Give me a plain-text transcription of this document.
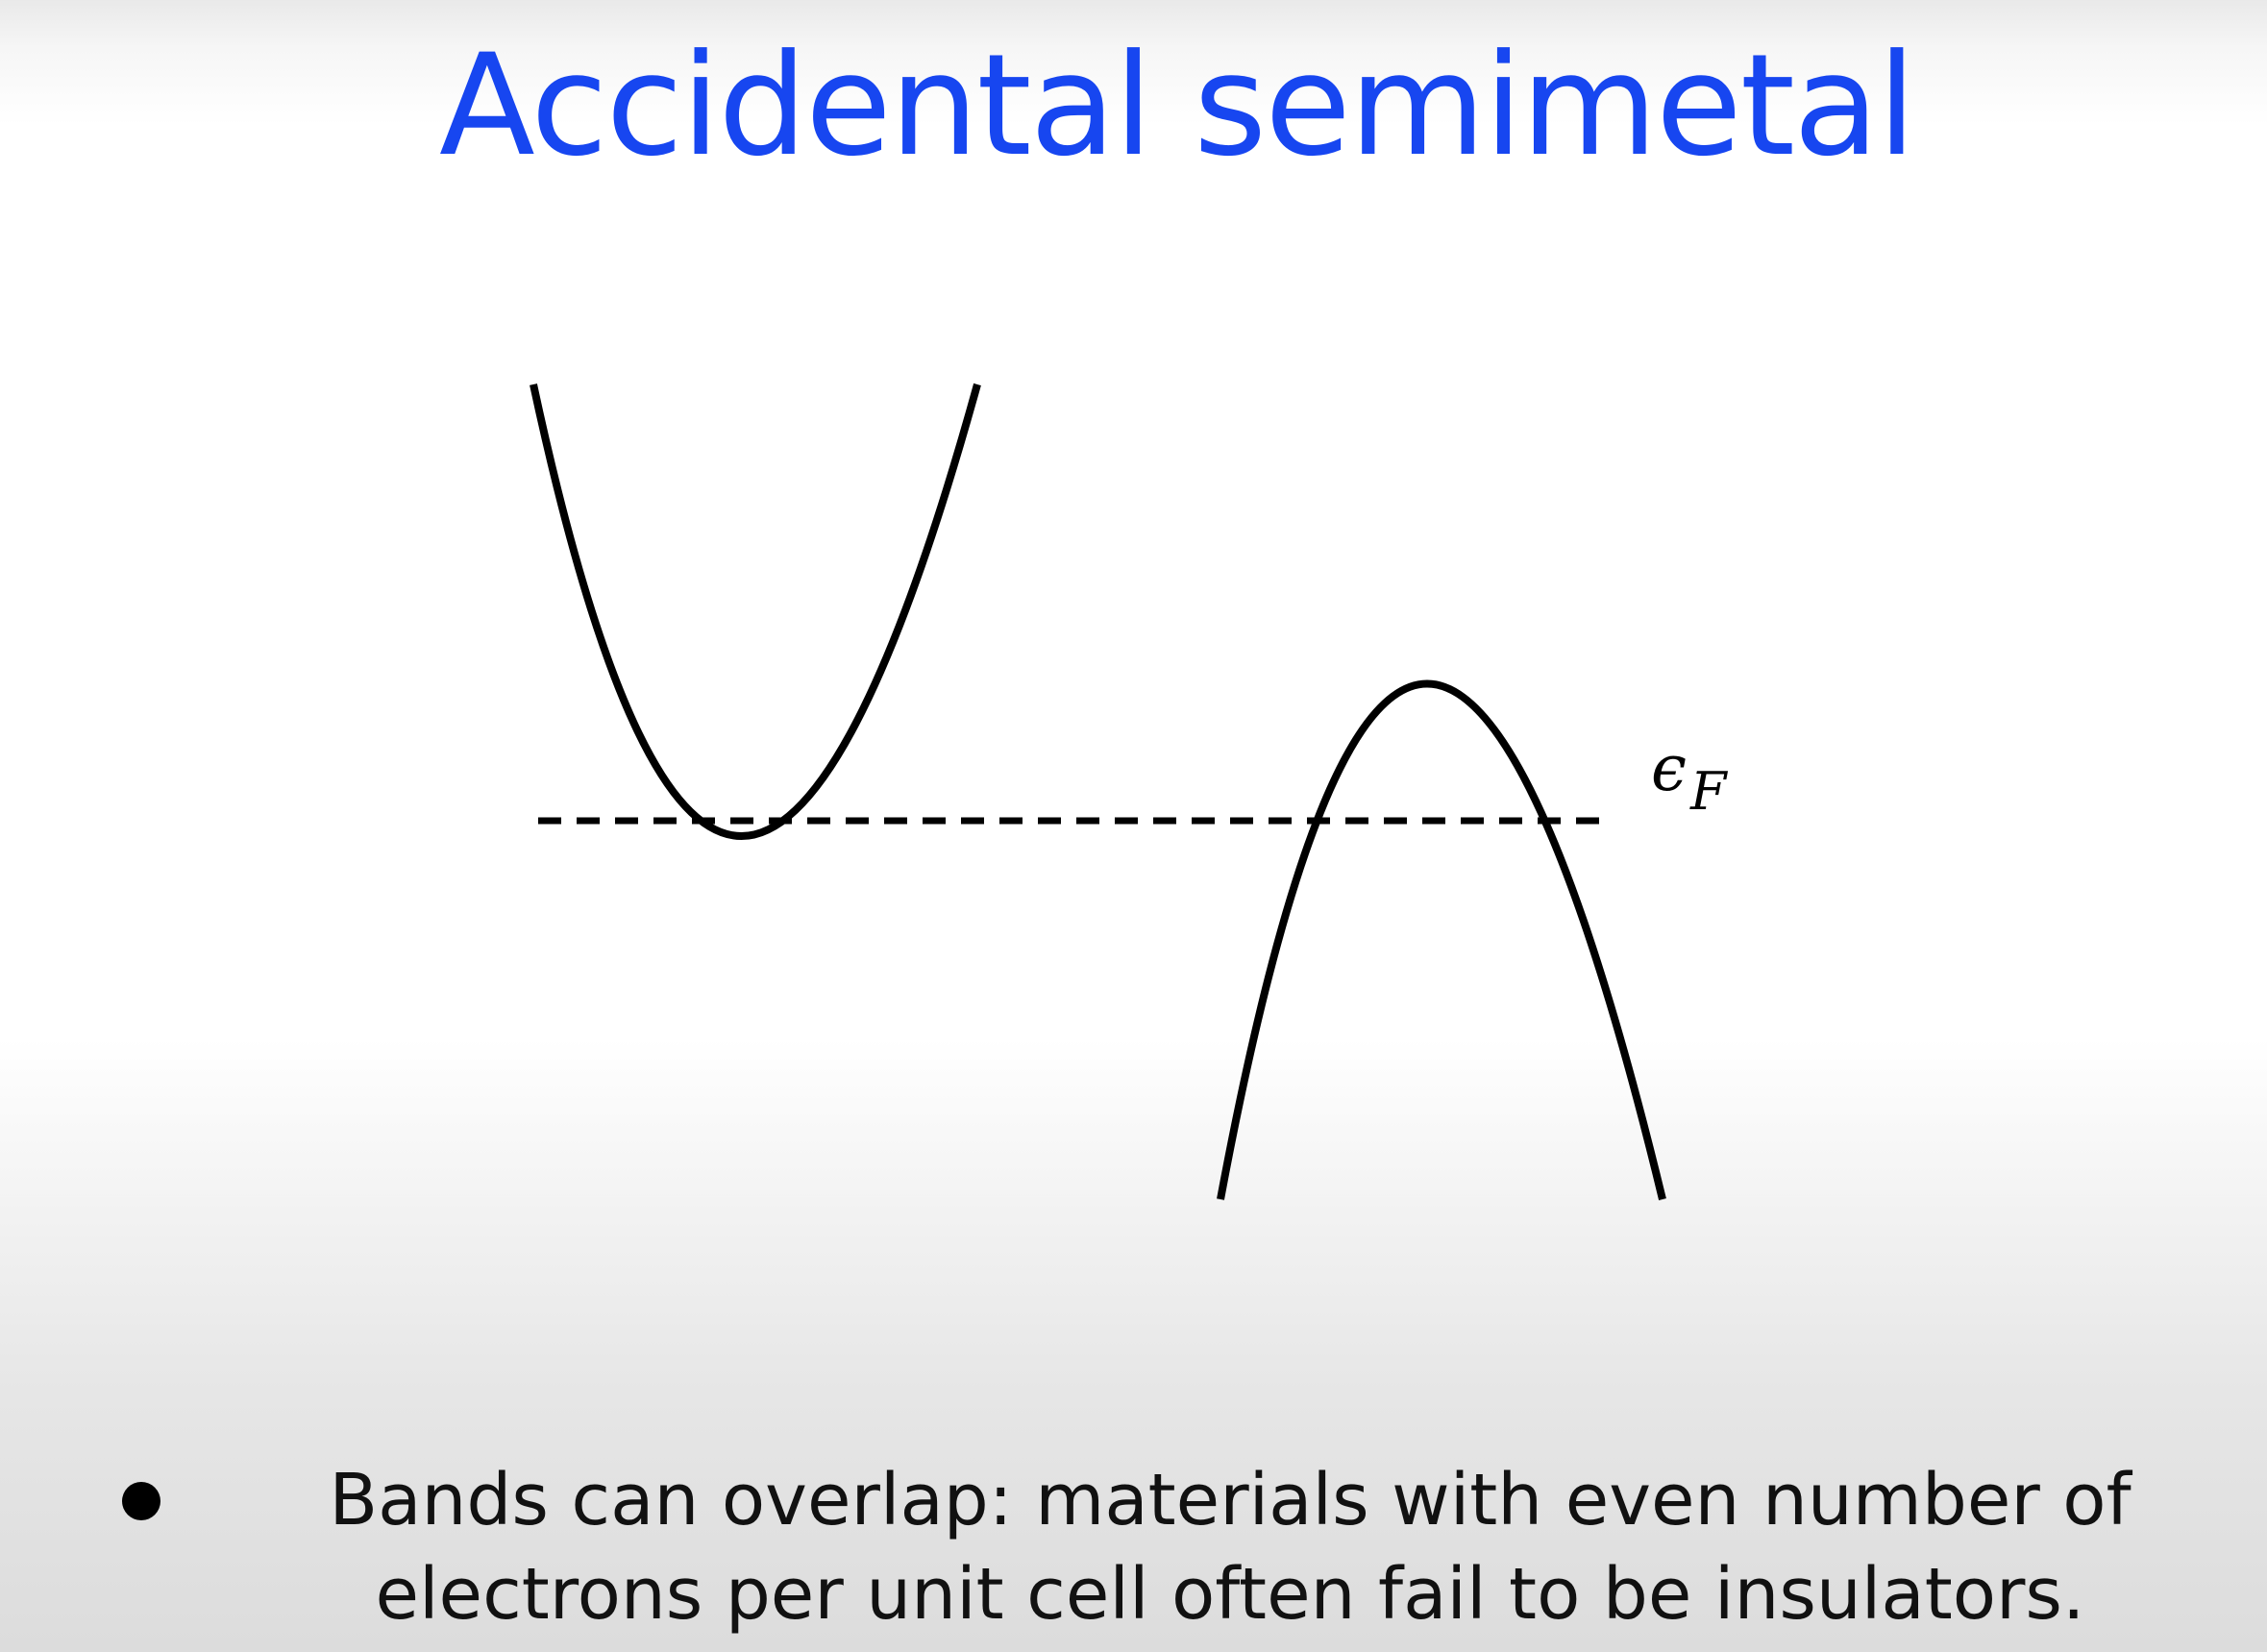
Accidental semimetal
$\epsilon_F$

Bands can overlap: materials with even number of
electrons per unit cell often fail to be insulators.
